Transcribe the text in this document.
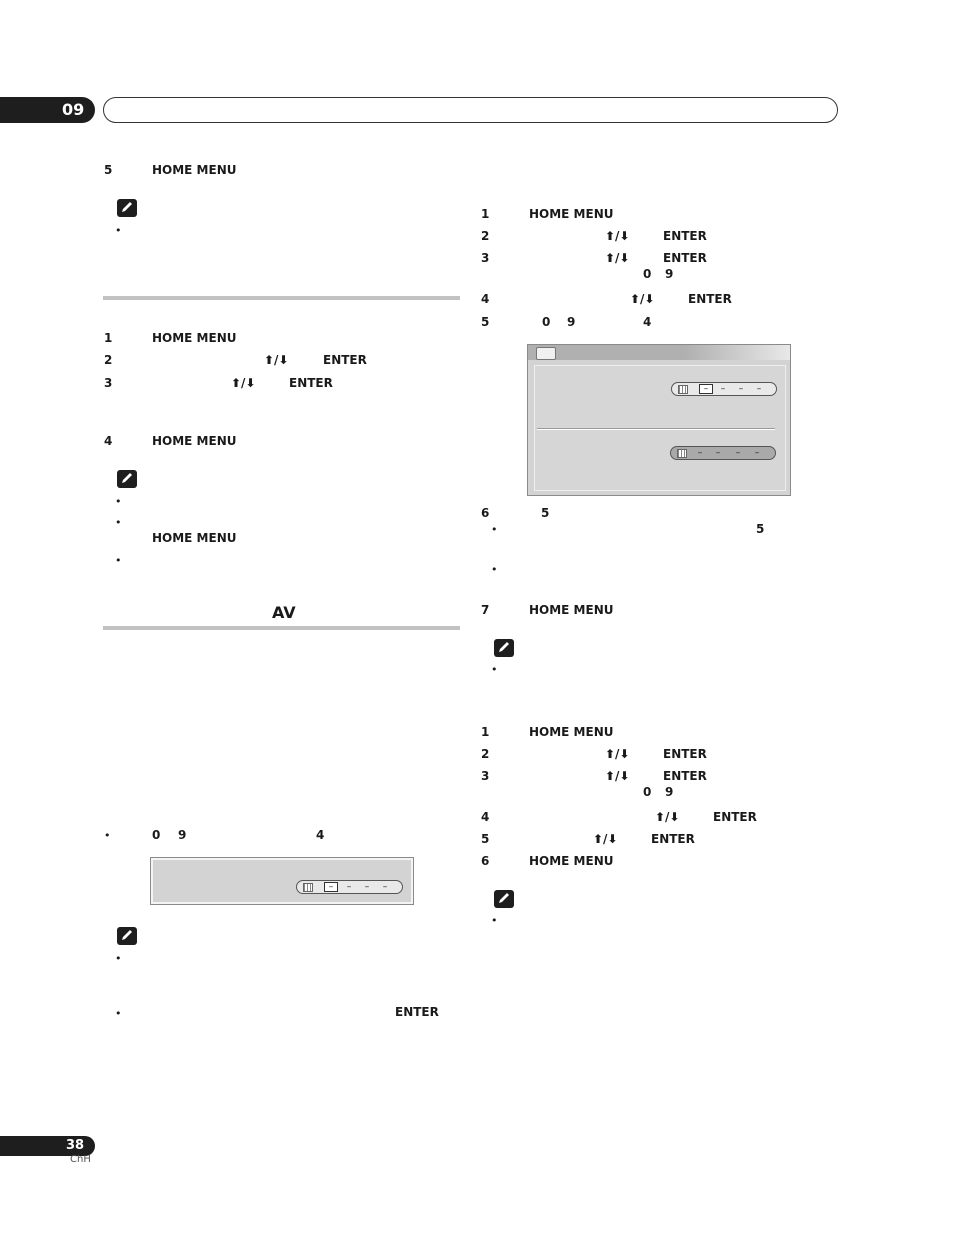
09
5	HOME MENU
•
1	HOME MENU
2	⬆/⬇	ENTER
3	⬆/⬇	ENTER
4	HOME MENU
•
•
HOME MENU
•
AV
•	0 9	4
–	–	–	–
•
•	ENTER
1	HOME MENU
2	⬆/⬇	ENTER
3	⬆/⬇	ENTER
0 9
4	⬆/⬇	ENTER
5	0 9	4
–	–	–	–
–	–	–	–
6	5
•	5
•
7	HOME MENU
•
1	HOME MENU
2	⬆/⬇	ENTER
3	⬆/⬇	ENTER
0 9
4	⬆/⬇	ENTER
5	⬆/⬇	ENTER
6	HOME MENU
•
38
ChH
